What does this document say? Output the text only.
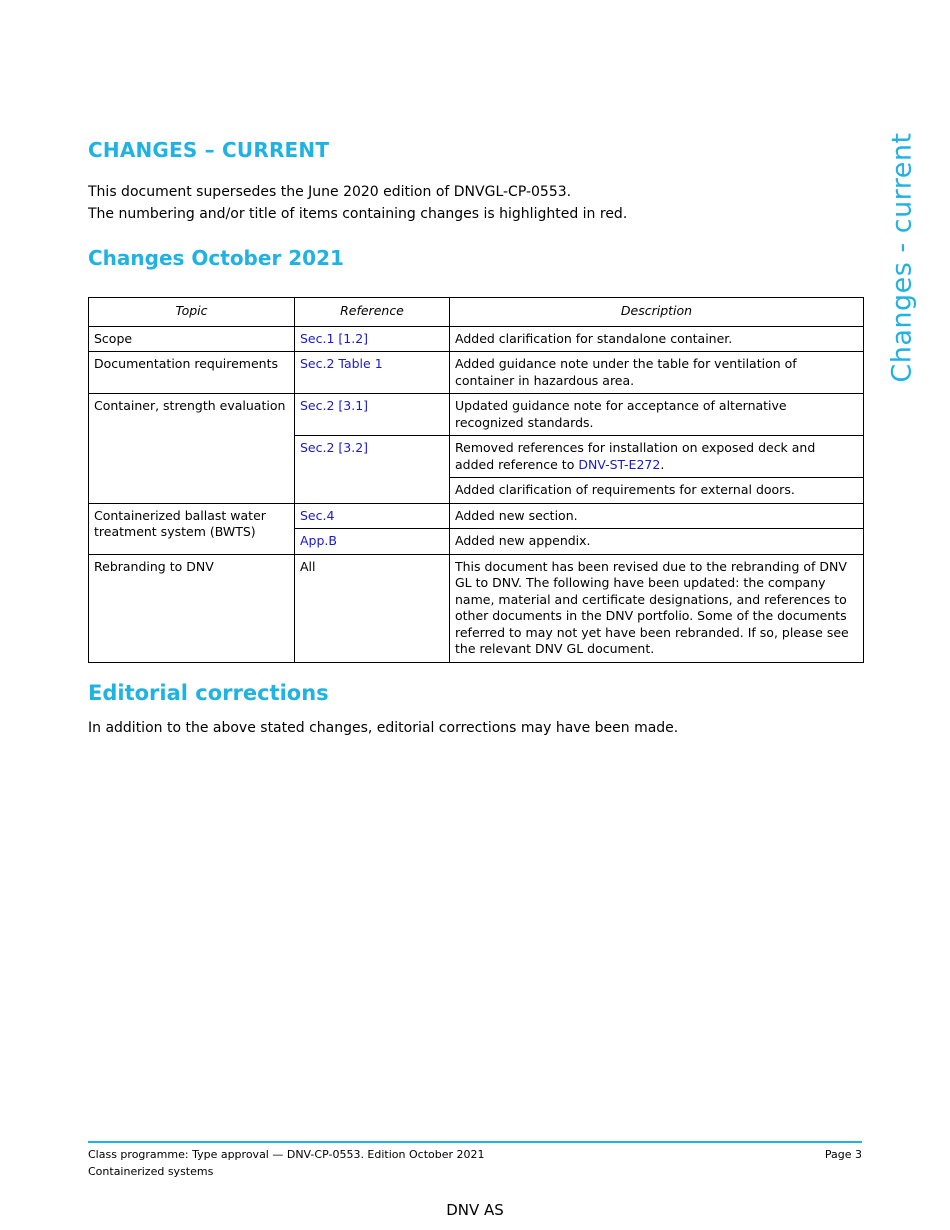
Changes - current
CHANGES – CURRENT

This document supersedes the June 2020 edition of DNVGL-CP-0553.

The numbering and/or title of items containing changes is highlighted in red.

Changes October 2021
Topic	Reference	Description
Scope	Sec.1 [1.2]	Added clarification for standalone container.
Documentation requirements	Sec.2 Table 1	Added guidance note under the table for ventilation of container in hazardous area.
Container, strength evaluation	Sec.2 [3.1]	Updated guidance note for acceptance of alternative recognized standards.
	Sec.2 [3.2]	Removed references for installation on exposed deck and added reference to DNV-ST-E272.
		Added clarification of requirements for external doors.
Containerized ballast water treatment system (BWTS)	Sec.4	Added new section.
	App.B	Added new appendix.
Rebranding to DNV	All	This document has been revised due to the rebranding of DNV GL to DNV. The following have been updated: the company name, material and certificate designations, and references to other documents in the DNV portfolio. Some of the documents referred to may not yet have been rebranded. If so, please see the relevant DNV GL document.
Editorial corrections
In addition to the above stated changes, editorial corrections may have been made.
Class programme: Type approval — DNV-CP-0553. Edition October 2021
Containerized systems
Page 3
DNV AS
